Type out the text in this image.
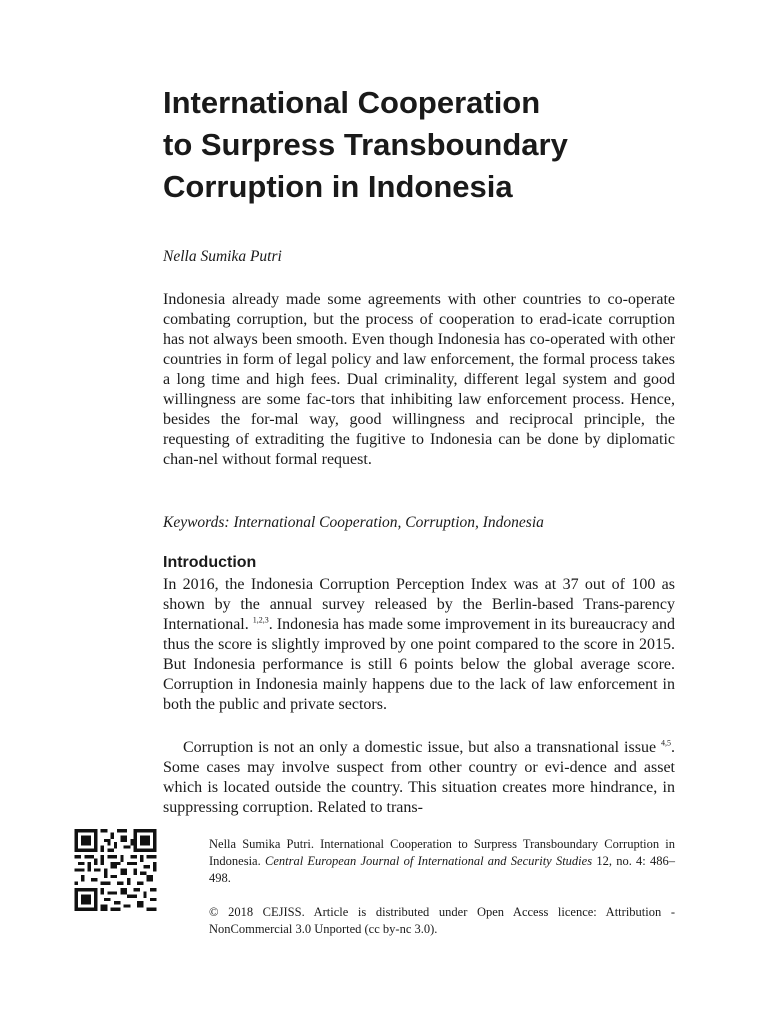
International Cooperation
to Surpress Transboundary
Corruption in Indonesia

Nella Sumika Putri

Indonesia already made some agreements with other countries to co-operate combating corruption, but the process of cooperation to erad-icate corruption has not always been smooth. Even though Indonesia has co-operated with other countries in form of legal policy and law enforcement, the formal process takes a long time and high fees. Dual criminality, different legal system and good willingness are some fac-tors that inhibiting law enforcement process. Hence, besides the for-mal way, good willingness and reciprocal principle, the requesting of extraditing the fugitive to Indonesia can be done by diplomatic chan-nel without formal request.

Keywords: International Cooperation, Corruption, Indonesia

Introduction

In 2016, the Indonesia Corruption Perception Index was at 37 out of 100 as shown by the annual survey released by the Berlin-based Trans-parency International. $^{1,2,3}$. Indonesia has made some improvement in its bureaucracy and thus the score is slightly improved by one point compared to the score in 2015. But Indonesia performance is still 6 points below the global average score. Corruption in Indonesia mainly happens due to the lack of law enforcement in both the public and private sectors.

Corruption is not an only a domestic issue, but also a transnational issue $^{4,5}$. Some cases may involve suspect from other country or evi-dence and asset which is located outside the country. This situation creates more hindrance, in suppressing corruption. Related to trans-

Nella Sumika Putri. International Cooperation to Surpress Transboundary Corruption in Indonesia. Central European Journal of International and Security Studies 12, no. 4: 486–498.

© 2018 CEJISS. Article is distributed under Open Access licence: Attribution - NonCommercial 3.0 Unported (cc by-nc 3.0).
